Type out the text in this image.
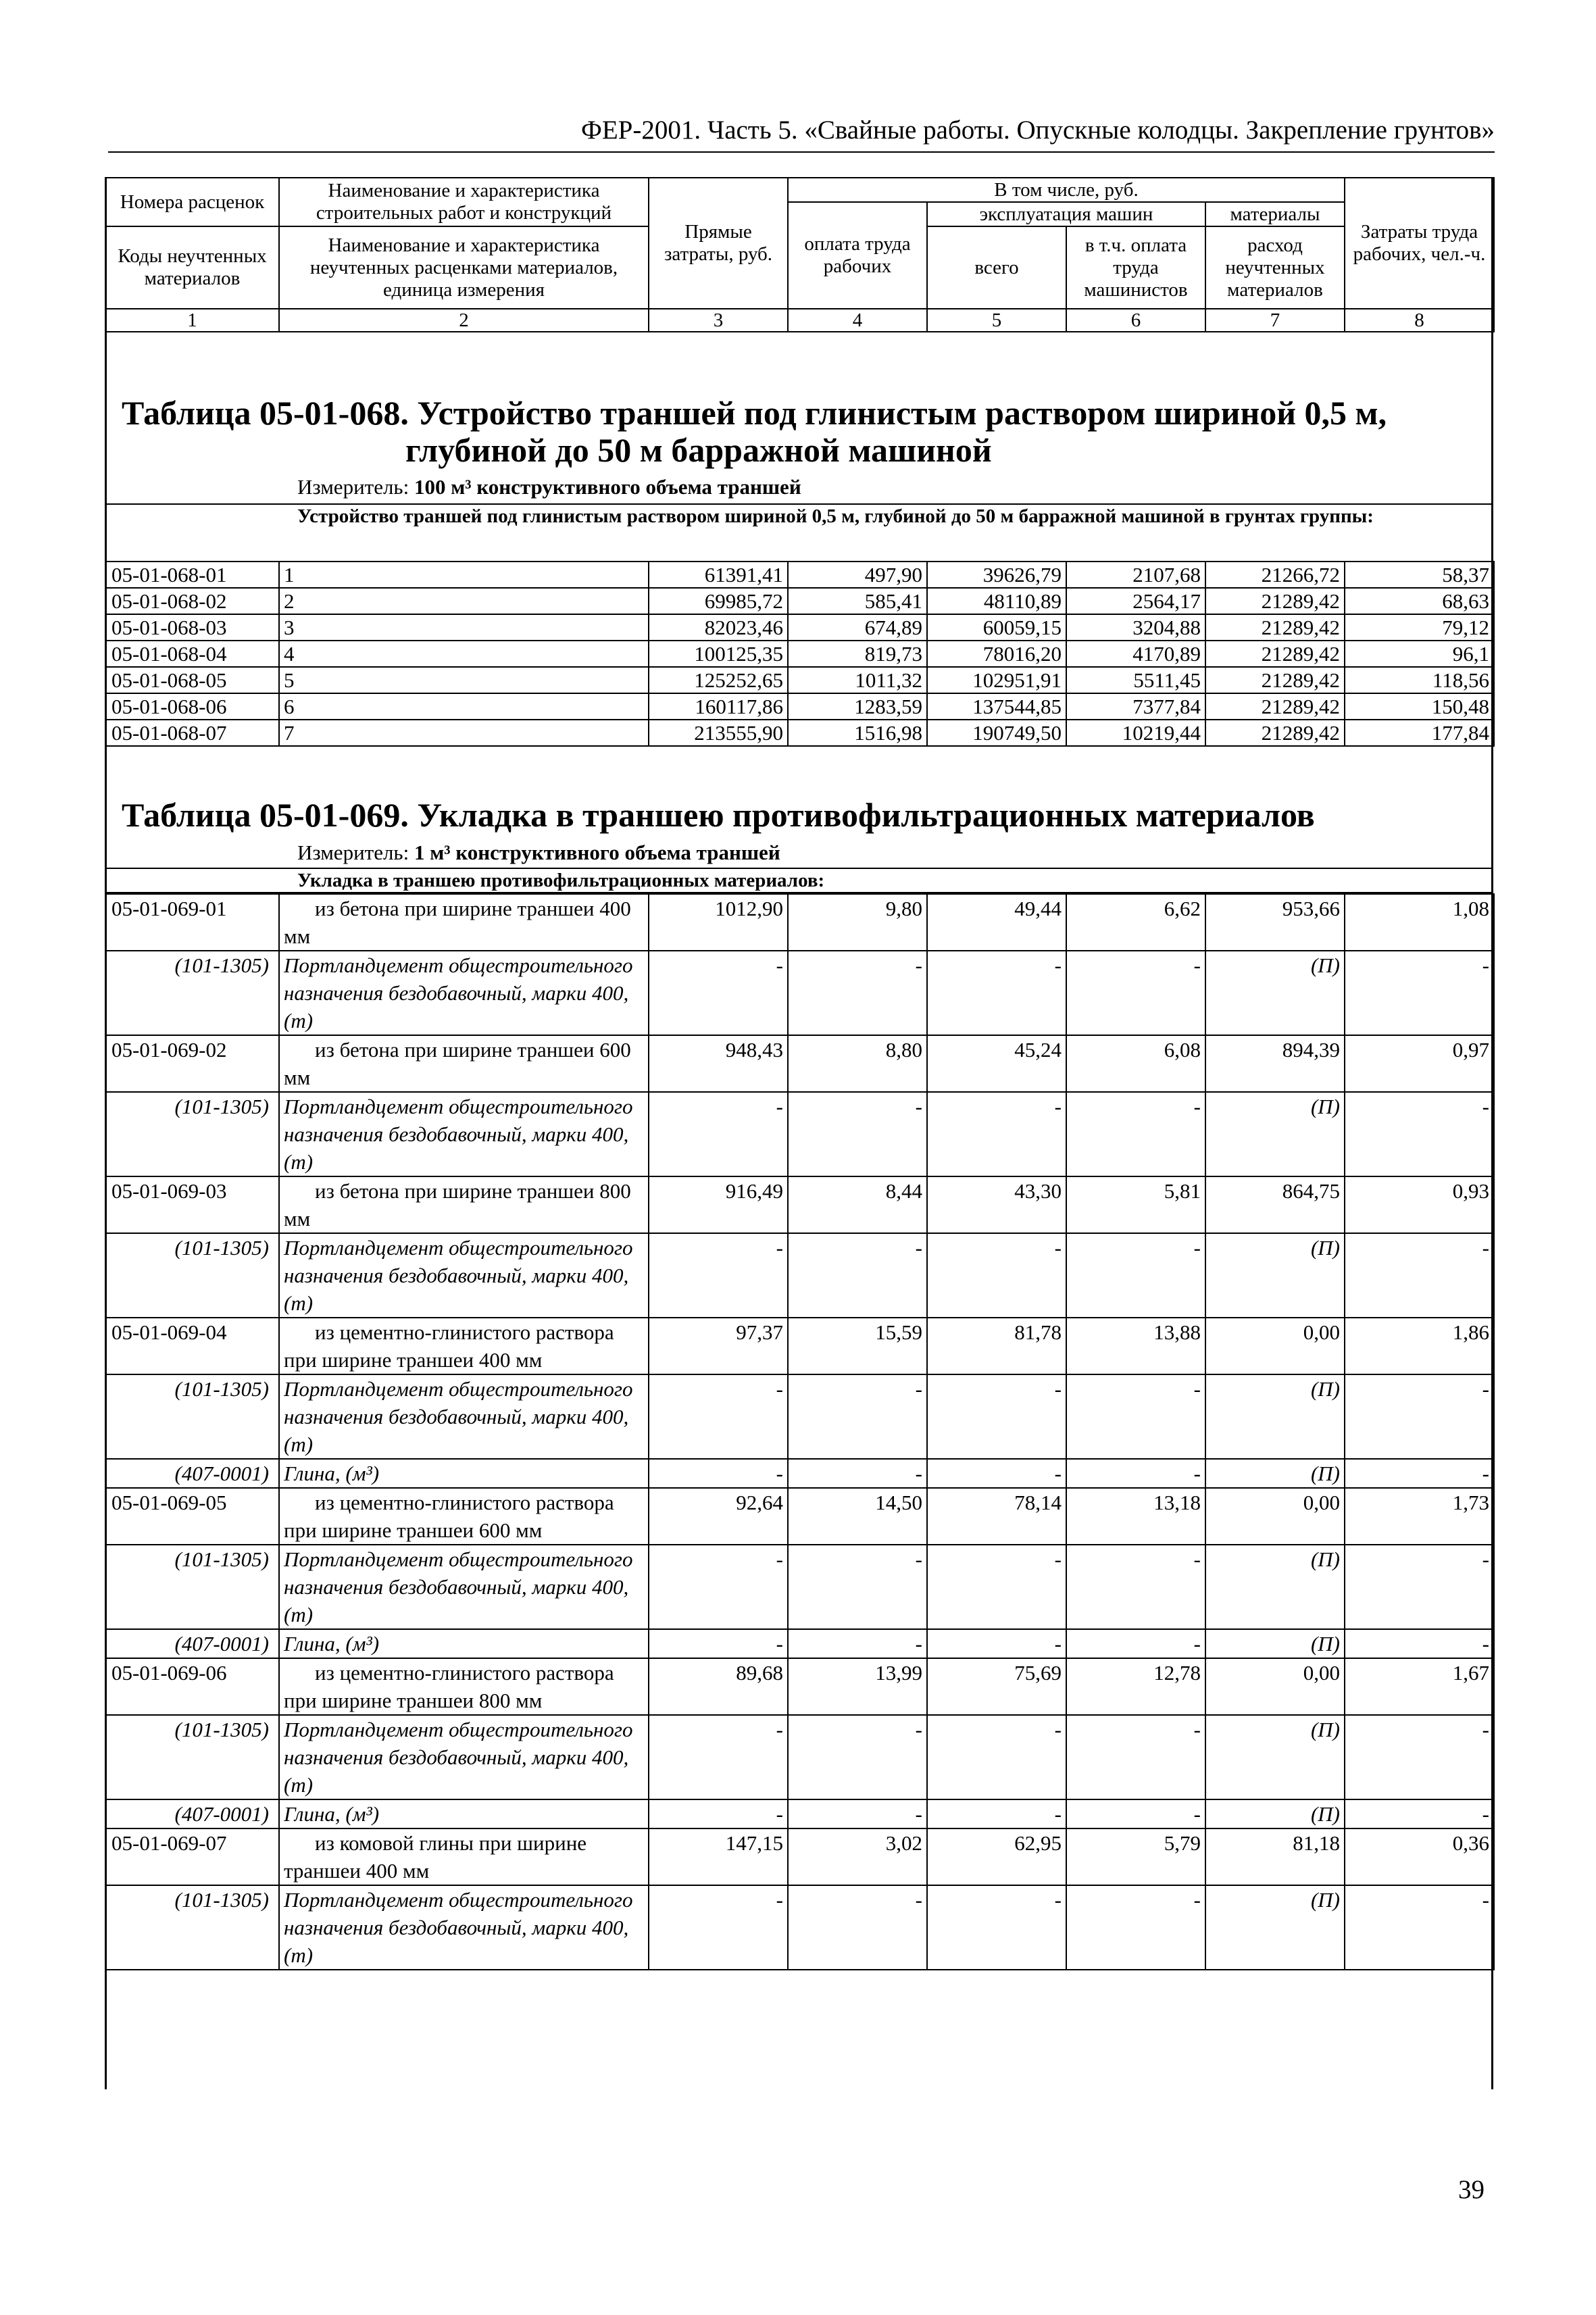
ФЕР-2001. Часть 5. «Свайные работы. Опускные колодцы. Закрепление грунтов»
Номера расценок	Наименование и характеристика строительных работ и конструкций	Прямые затраты, руб.	В том числе, руб.				Затраты труда рабочих, чел.-ч.
			оплата труда рабочих	эксплуатация машин		материалы	
Коды неучтенных материалов	Наименование и характеристика неучтенных расценками материалов, единица измерения			всего	в т.ч. оплата труда машинистов	расход неучтенных материалов	

1	2	3	4	5	6	7	8
Таблица 05-01-068. Устройство траншей под глинистым раствором шириной 0,5 м,
глубиной до 50 м барражной машиной
Измеритель: 100 м³ конструктивного объема траншей
Устройство траншей под глинистым раствором шириной 0,5 м, глубиной до 50 м барражной машиной в грунтах группы:
05-01-068-01	1	61391,41	497,90	39626,79	2107,68	21266,72	58,37
05-01-068-02	2	69985,72	585,41	48110,89	2564,17	21289,42	68,63
05-01-068-03	3	82023,46	674,89	60059,15	3204,88	21289,42	79,12
05-01-068-04	4	100125,35	819,73	78016,20	4170,89	21289,42	96,1
05-01-068-05	5	125252,65	1011,32	102951,91	5511,45	21289,42	118,56
05-01-068-06	6	160117,86	1283,59	137544,85	7377,84	21289,42	150,48
05-01-068-07	7	213555,90	1516,98	190749,50	10219,44	21289,42	177,84
Таблица 05-01-069. Укладка в траншею противофильтрационных материалов
Измеритель: 1 м³ конструктивного объема траншей
Укладка в траншею противофильтрационных материалов:
05-01-069-01	из бетона при ширине траншеи 400 мм	1012,90	9,80	49,44	6,62	953,66	1,08
(101-1305)	Портландцемент общестроительного назначения бездобавочный, марки 400, (т)	-	-	-	-	(П)	-
05-01-069-02	из бетона при ширине траншеи 600 мм	948,43	8,80	45,24	6,08	894,39	0,97
(101-1305)	Портландцемент общестроительного назначения бездобавочный, марки 400, (т)	-	-	-	-	(П)	-
05-01-069-03	из бетона при ширине траншеи 800 мм	916,49	8,44	43,30	5,81	864,75	0,93
(101-1305)	Портландцемент общестроительного назначения бездобавочный, марки 400, (т)	-	-	-	-	(П)	-
05-01-069-04	из цементно-глинистого раствора при ширине траншеи 400 мм	97,37	15,59	81,78	13,88	0,00	1,86
(101-1305)	Портландцемент общестроительного назначения бездобавочный, марки 400, (т)	-	-	-	-	(П)	-
(407-0001)	Глина, (м³)	-	-	-	-	(П)	-
05-01-069-05	из цементно-глинистого раствора при ширине траншеи 600 мм	92,64	14,50	78,14	13,18	0,00	1,73
(101-1305)	Портландцемент общестроительного назначения бездобавочный, марки 400, (т)	-	-	-	-	(П)	-
(407-0001)	Глина, (м³)	-	-	-	-	(П)	-
05-01-069-06	из цементно-глинистого раствора при ширине траншеи 800 мм	89,68	13,99	75,69	12,78	0,00	1,67
(101-1305)	Портландцемент общестроительного назначения бездобавочный, марки 400, (т)	-	-	-	-	(П)	-
(407-0001)	Глина, (м³)	-	-	-	-	(П)	-
05-01-069-07	из комовой глины при ширине траншеи 400 мм	147,15	3,02	62,95	5,79	81,18	0,36
(101-1305)	Портландцемент общестроительного назначения бездобавочный, марки 400, (т)	-	-	-	-	(П)	-
39
